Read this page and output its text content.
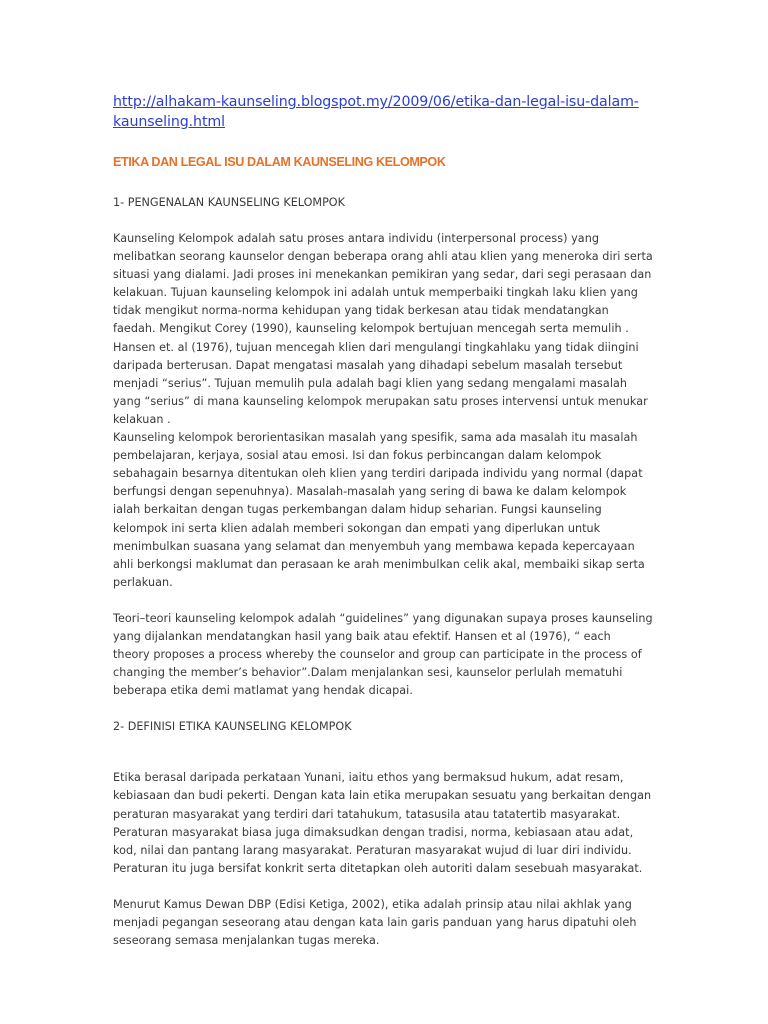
http://alhakam-kaunseling.blogspot.my/2009/06/etika-dan-legal-isu-dalam-
kaunseling.html
ETIKA DAN LEGAL ISU DALAM KAUNSELING KELOMPOK
1- PENGENALAN KAUNSELING KELOMPOK
Kaunseling Kelompok adalah satu proses antara individu (interpersonal process) yang
melibatkan seorang kaunselor dengan beberapa orang ahli atau klien yang meneroka diri serta
situasi yang dialami. Jadi proses ini menekankan pemikiran yang sedar, dari segi perasaan dan
kelakuan. Tujuan kaunseling kelompok ini adalah untuk memperbaiki tingkah laku klien yang
tidak mengikut norma-norma kehidupan yang tidak berkesan atau tidak mendatangkan
faedah. Mengikut Corey (1990), kaunseling kelompok bertujuan mencegah serta memulih .
Hansen et. al (1976), tujuan mencegah klien dari mengulangi tingkahlaku yang tidak diingini
daripada berterusan. Dapat mengatasi masalah yang dihadapi sebelum masalah tersebut
menjadi “serius”. Tujuan memulih pula adalah bagi klien yang sedang mengalami masalah
yang “serius” di mana kaunseling kelompok merupakan satu proses intervensi untuk menukar
kelakuan .
Kaunseling kelompok berorientasikan masalah yang spesifik, sama ada masalah itu masalah
pembelajaran, kerjaya, sosial atau emosi. Isi dan fokus perbincangan dalam kelompok
sebahagain besarnya ditentukan oleh klien yang terdiri daripada individu yang normal (dapat
berfungsi dengan sepenuhnya). Masalah-masalah yang sering di bawa ke dalam kelompok
ialah berkaitan dengan tugas perkembangan dalam hidup seharian. Fungsi kaunseling
kelompok ini serta klien adalah memberi sokongan dan empati yang diperlukan untuk
menimbulkan suasana yang selamat dan menyembuh yang membawa kepada kepercayaan
ahli berkongsi maklumat dan perasaan ke arah menimbulkan celik akal, membaiki sikap serta
perlakuan.
Teori–teori kaunseling kelompok adalah “guidelines” yang digunakan supaya proses kaunseling
yang dijalankan mendatangkan hasil yang baik atau efektif. Hansen et al (1976), “ each
theory proposes a process whereby the counselor and group can participate in the process of
changing the member’s behavior”.Dalam menjalankan sesi, kaunselor perlulah mematuhi
beberapa etika demi matlamat yang hendak dicapai.
2- DEFINISI ETIKA KAUNSELING KELOMPOK
Etika berasal daripada perkataan Yunani, iaitu ethos yang bermaksud hukum, adat resam,
kebiasaan dan budi pekerti. Dengan kata lain etika merupakan sesuatu yang berkaitan dengan
peraturan masyarakat yang terdiri dari tatahukum, tatasusila atau tatatertib masyarakat.
Peraturan masyarakat biasa juga dimaksudkan dengan tradisi, norma, kebiasaan atau adat,
kod, nilai dan pantang larang masyarakat. Peraturan masyarakat wujud di luar diri individu.
Peraturan itu juga bersifat konkrit serta ditetapkan oleh autoriti dalam sesebuah masyarakat.
Menurut Kamus Dewan DBP (Edisi Ketiga, 2002), etika adalah prinsip atau nilai akhlak yang
menjadi pegangan seseorang atau dengan kata lain garis panduan yang harus dipatuhi oleh
seseorang semasa menjalankan tugas mereka.
